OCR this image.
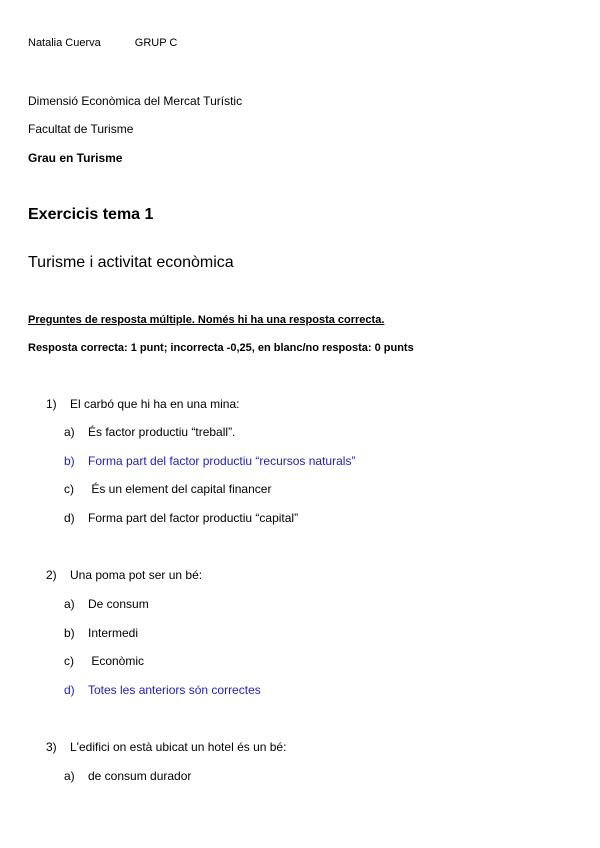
Natalia Cuerva	GRUP C
Dimensió Econòmica del Mercat Turístic
Facultat de Turisme
Grau en Turisme
Exercicis tema 1
Turisme i activitat econòmica
Preguntes de resposta múltiple. Només hi ha una resposta correcta.
Resposta correcta: 1 punt; incorrecta -0,25, en blanc/no resposta: 0 punts
1) El carbó que hi ha en una mina:
a) És factor productiu “treball”.
b) Forma part del factor productiu “recursos naturals”
c) És un element del capital financer
d) Forma part del factor productiu “capital”
2) Una poma pot ser un bé:
a) De consum
b) Intermedi
c) Econòmic
d) Totes les anteriors són correctes
3) L'edifici on està ubicat un hotel és un bé:
a) de consum durador
